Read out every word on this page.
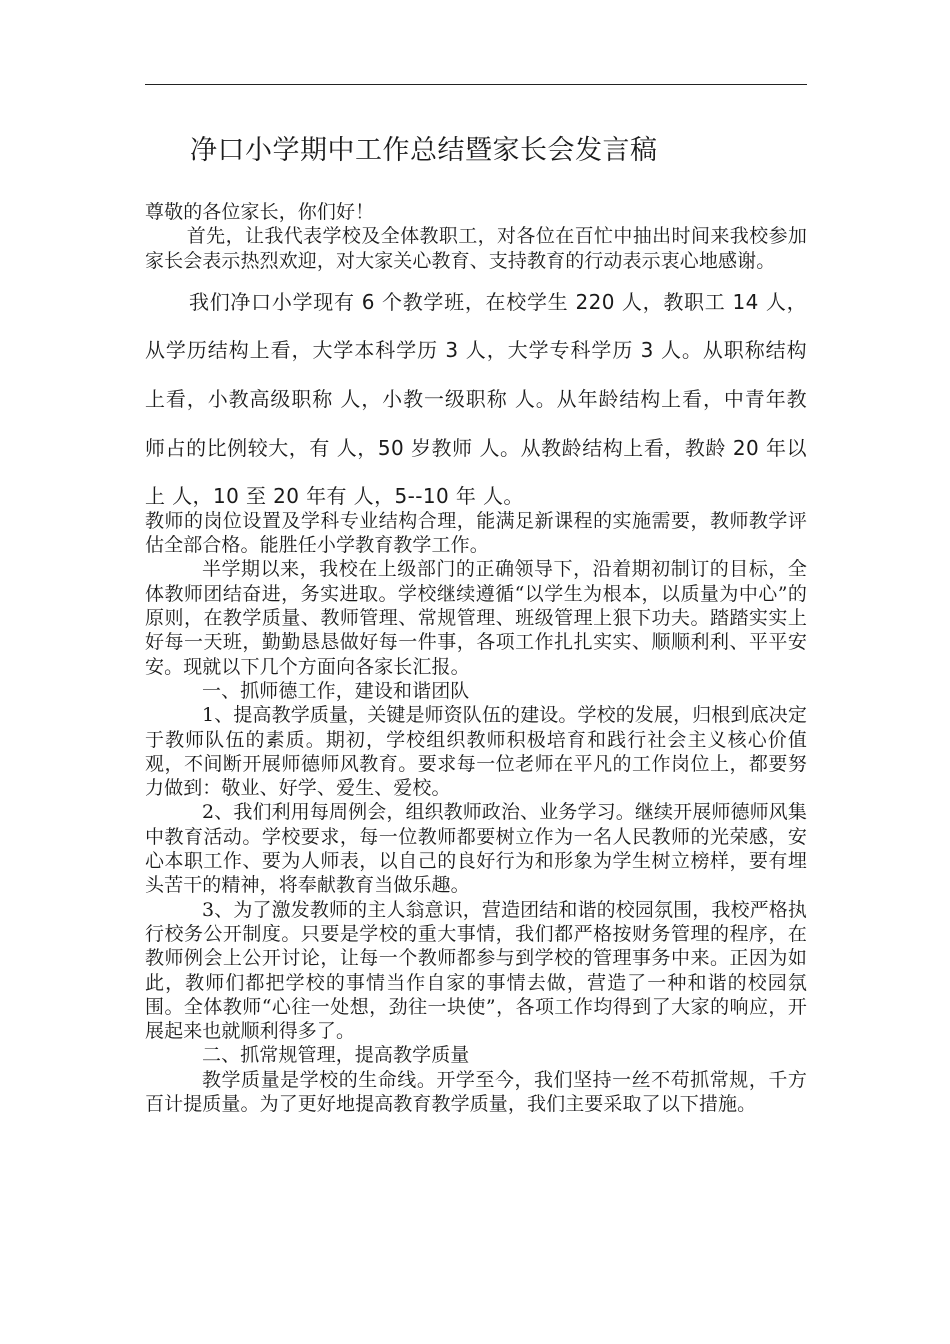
净口小学期中工作总结暨家长会发言稿

尊敬的各位家长，你们好！

首先，让我代表学校及全体教职工，对各位在百忙中抽出时间来我校参加家长会表示热烈欢迎，对大家关心教育、支持教育的行动表示衷心地感谢。

我们净口小学现有 6 个教学班，在校学生 220 人，教职工 14 人，从学历结构上看，大学本科学历 3 人，大学专科学历 3 人。从职称结构上看，小教高级职称 人，小教一级职称 人。从年龄结构上看，中青年教师占的比例较大，有 人，50 岁教师 人。从教龄结构上看，教龄 20 年以上 人，10 至 20 年有 人，5--10 年 人。

教师的岗位设置及学科专业结构合理，能满足新课程的实施需要，教师教学评估全部合格。能胜任小学教育教学工作。

半学期以来，我校在上级部门的正确领导下，沿着期初制订的目标，全体教师团结奋进，务实进取。学校继续遵循“以学生为根本，以质量为中心”的原则，在教学质量、教师管理、常规管理、班级管理上狠下功夫。踏踏实实上好每一天班，勤勤恳恳做好每一件事，各项工作扎扎实实、顺顺利利、平平安安。现就以下几个方面向各家长汇报。

一、抓师德工作，建设和谐团队

1、提高教学质量，关键是师资队伍的建设。学校的发展，归根到底决定于教师队伍的素质。期初，学校组织教师积极培育和践行社会主义核心价值观，不间断开展师德师风教育。要求每一位老师在平凡的工作岗位上，都要努力做到：敬业、好学、爱生、爱校。

2、我们利用每周例会，组织教师政治、业务学习。继续开展师德师风集中教育活动。学校要求，每一位教师都要树立作为一名人民教师的光荣感，安心本职工作、要为人师表，以自己的良好行为和形象为学生树立榜样，要有埋头苦干的精神，将奉献教育当做乐趣。

3、为了激发教师的主人翁意识，营造团结和谐的校园氛围，我校严格执行校务公开制度。只要是学校的重大事情，我们都严格按财务管理的程序，在教师例会上公开讨论，让每一个教师都参与到学校的管理事务中来。正因为如此，教师们都把学校的事情当作自家的事情去做，营造了一种和谐的校园氛围。全体教师“心往一处想，劲往一块使”，各项工作均得到了大家的响应，开展起来也就顺利得多了。

二、抓常规管理，提高教学质量

教学质量是学校的生命线。开学至今，我们坚持一丝不苟抓常规，千方百计提质量。为了更好地提高教育教学质量，我们主要采取了以下措施。
